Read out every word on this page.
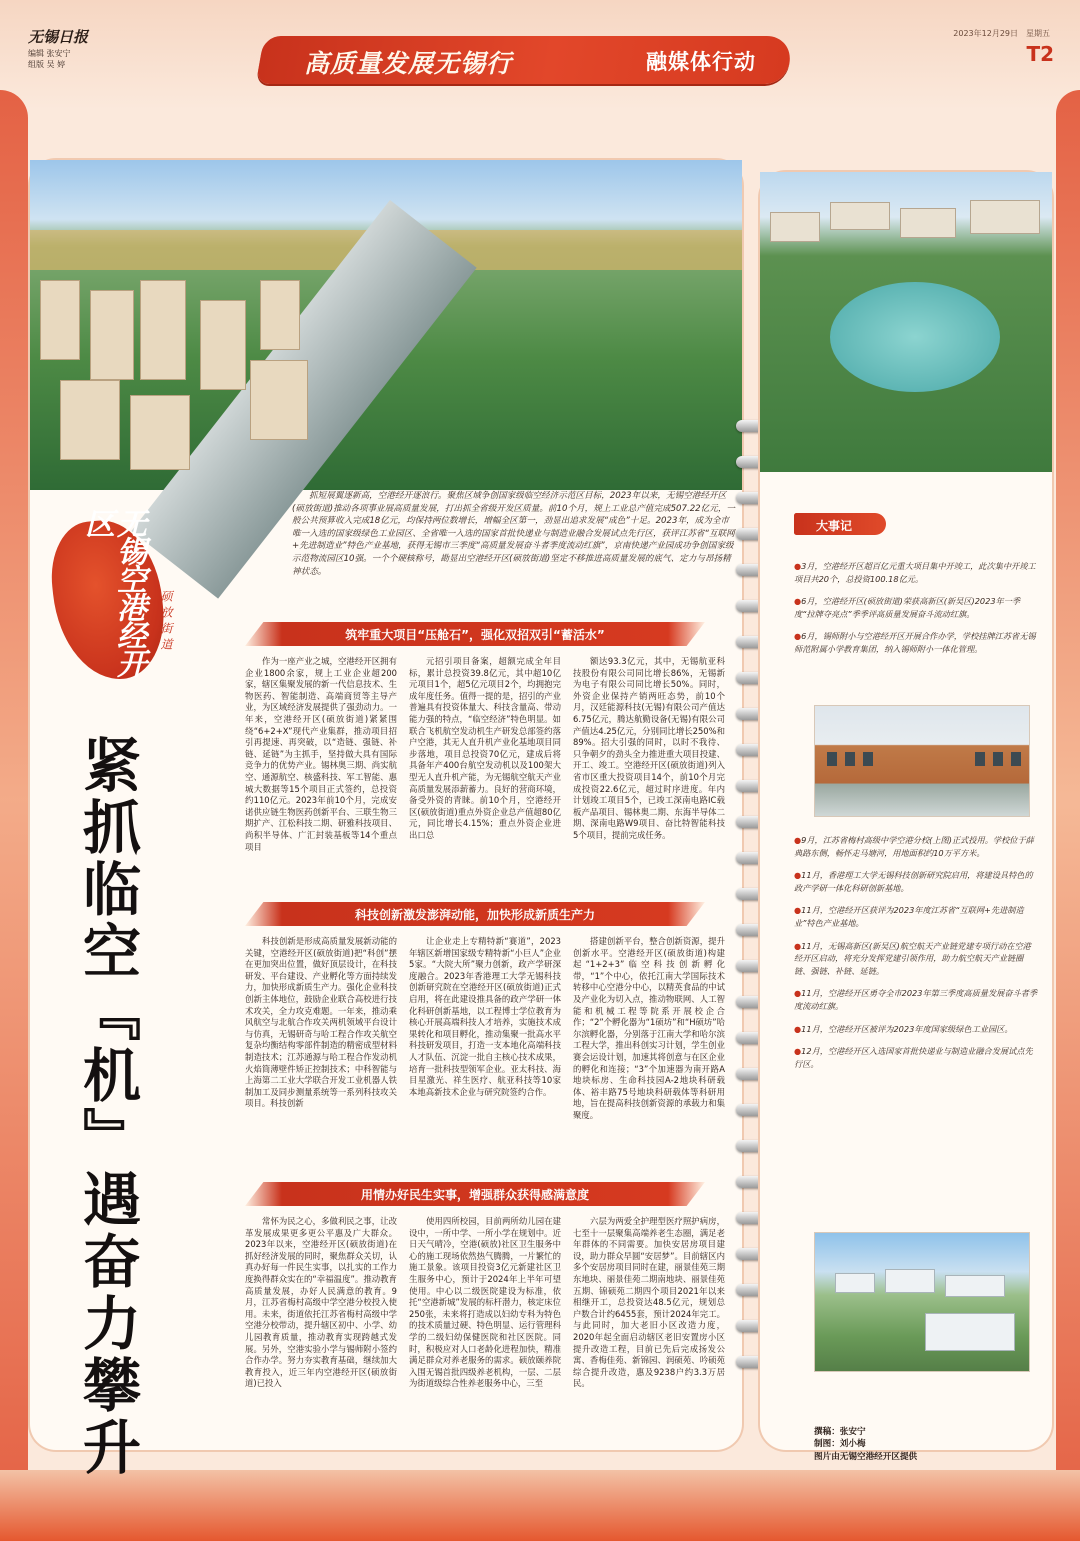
无锡日报
编辑 张安宁
组版 吴 婷	高质量发展无锡行	融媒体行动
2023年12月29日　星期五
T2
抓短展翼逐新高，空港经开逐浪行。聚焦区域争创国家级临空经济示范区目标，2023年以来，无锡空港经开区(硕放街道)推动各项事业展高质量发展，打出抓全省级开发区质量。前10个月，规上工业总产值完成507.22亿元，一般公共预算收入完成18亿元，均保持两位数增长，增幅全区第一，劲显出追求发展“成色”十足。2023年，成为全市唯一入选的国家级绿色工业园区、全省唯一入选的国家首批快递业与制造业融合发展试点先行区，获评江苏省“互联网+先进制造业”特色产业基地，获得无锡市三季度“高质量发展奋斗者季度流动红旗”，京南快递产业园成功争创国家级示范物流园区10强。一个个硬核称号，勘显出空港经开区(硕放街道)坚定不移推进高质量发展的底气、定力与昂扬精神状态。
筑牢重大项目“压舱石”，强化双招双引“蓄活水”

作为一座产业之城，空港经开区拥有企业1800余家，规上工业企业超200家，辖区集聚发展的新一代信息技术、生物医药、智能制造、高端商贸等主导产业，为区域经济发展提供了强劲动力。一年来，空港经开区(硕放街道)紧紧围绕“6+2+X”现代产业集群，推动项目招引再提速、再突破，以“造链、强链、补链、延链”为主抓手，坚持做大具有国际竞争力的优势产业。锡林奥三期、尚实航空、通源航空、核盛科技、军工智能、惠城大数据等15个项目正式签约，总投资约110亿元。2023年前10个月，完成安诺供应链生物医药创新平台、三联生物三期扩产、江松科技二期、研雅科技项目、尚积半导体、广汇封装基板等14个重点项目

元招引项目备案，超额完成全年目标，累计总投资39.8亿元，其中超10亿元项目1个，超5亿元项目2个，均拥抱完成年度任务。值得一提的是，招引的产业普遍具有投资体量大、科技含量高、带动能力强的特点，“临空经济”特色明显。如联合飞机航空发动机生产研发总部签约落户空港，其无人直升机产业化基地项目同步落地，项目总投资70亿元，建成后将具备年产400台航空发动机以及100架大型无人直升机产能，为无锡航空航天产业高质量发展添薪蓄力。良好的营商环境，备受外资的青睐。前10个月，空港经开区(硕放街道)重点外资企业总产值超80亿元，同比增长4.15%；重点外资企业进出口总

额达93.3亿元，其中，无锡航亚科技股份有限公司同比增长86%，无锡新为电子有限公司同比增长50%。同时，外资企业保持产销两旺态势，前10个月，汉廷能源科技(无锡)有限公司产值达6.75亿元，腾达航勤设备(无锡)有限公司产值达4.25亿元，分别同比增长250%和89%。招大引强的同时，以时不我待、只争朝夕的劲头全力推进重大项目投建、开工、竣工。空港经开区(硕放街道)列入省市区重大投资项目14个，前10个月完成投资22.6亿元，超过时序进度。年内计划竣工项目5个，已竣工深南电路IC载板产品项目、锡林奥二期、东海半导体二期、深南电路W9项目、奋比特智能科技5个项目，提前完成任务。

科技创新激发澎湃动能，加快形成新质生产力

科技创新是形成高质量发展新动能的关键，空港经开区(硕放街道)把“科创”摆在更加突出位置，做好顶层设计，在科技研发、平台建设、产业孵化等方面持续发力，加快形成新质生产力。强化企业科技创新主体地位，鼓励企业联合高校进行技术攻关，全力攻克难题。一年来，推动乘风航空与北航合作攻关两机领域平台设计与仿真，无锡研奇与哈工程合作攻关航空复杂均衡结构零部件制造的精密成型材料制造技术；江苏通源与哈工程合作发动机火焰筒薄壁件矫正控制技术；中科智能与上海第二工业大学联合开发工业机器人铁制加工及同步测量系统等一系列科技攻关项目。科技创新

让企业走上专精特新“赛道”，2023年辖区新增国家级专精特新“小巨人”企业5家。“大院大所”聚力创新，政产学研深度融合。2023年香港理工大学无锡科技创新研究院在空港经开区(硕放街道)正式启用，将在此建设推具备的政产学研一体化科研创新基地，以工程博士学位教育为核心开展高端科技人才培养，实施技术成果转化和项目孵化，推动集聚一批高水平科技研发项目，打造一支本地化高端科技人才队伍、沉淀一批自主核心技术成果，培育一批科技型领军企业。亚太科技、海目星激光、祥生医疗、航亚科技等10家本地高新技术企业与研究院签约合作。

搭建创新平台，整合创新资源，提升创新水平。空港经开区(硕放街道)构建起“1+2+3”临空科技创新孵化带，“1”个中心，依托江南大学国际技术转移中心空港分中心，以精英食品的中试及产业化为切入点，推动物联网、人工智能和机械工程等院系开展校企合作；“2”个孵化器为“1硕坊”和“H硕坊”哈尔滨孵化器，分别落于江南大学和哈尔滨工程大学，推出科创实习计划，学生创业赛会运设计划，加速其将创意与在区企业的孵化和连接；“3”个加速器为南开路A地块标房、生命科技园A-2地块科研载体、裕丰路75号地块科研载体等科研用地，旨在提高科技创新资源的承载力和集聚度。

用情办好民生实事，增强群众获得感满意度

常怀为民之心，多做利民之事，让改革发展成果更多更公平惠及广大群众。2023年以来，空港经开区(硕放街道)在抓好经济发展的同时，聚焦群众关切，认真办好每一件民生实事，以扎实的工作力度换得群众实在的“幸福温度”。推动教育高质量发展，办好人民满意的教育。9月，江苏省梅村高级中学空港分校投入使用。未来，街道依托江苏省梅村高级中学空港分校带动，提升辖区初中、小学、幼儿园教育质量，推动教育实现跨越式发展。另外，空港实验小学与锡师附小签约合作办学。努力夯实教育基础，继续加大教育投入，近三年内空港经开区(硕放街道)已投入

使用四所校园，目前两所幼儿园在建设中，一所中学、一所小学在规划中。近日天气晴冷，空港(硕放)社区卫生服务中心的施工现场依然热气腾腾，一片繁忙的施工景象。该项目投资3亿元新建社区卫生服务中心，预计于2024年上半年可望使用。中心以二级医院建设为标准，依托“空港新城”发展的标杆潜力，核定床位250张，未来将打造成以妇幼专科为特色的技术质量过硬、特色明显、运行管理科学的二级妇幼保健医院和社区医院。同时，积极应对人口老龄化进程加快，精准满足群众对养老服务的需求。硕放颐养院入围无锡首批四级养老机构，一层、二层为街道级综合性养老服务中心，三至

六层为两爱全护理型医疗照护病房，七至十一层聚集高端养老生态圈，满足老年群体的不同需要。加快安居房项目建设，助力群众早圆“安居梦”。目前辖区内多个安居房项目同时在建，丽景佳苑三期东地块、丽景佳苑二期南地块、丽景佳苑五期、锦硕苑二期四个项目2021年以来相继开工，总投资达48.5亿元，规划总户数合计约6455套，预计2024年完工。与此同时，加大老旧小区改造力度，2020年起全面启动辖区老旧安置房小区提升改造工程，目前已先后完成扬发公寓、香梅佳苑、新锦园、润硕苑、吟硕苑综合提升改造，惠及9238户约3.3万居民。

无锡空港经开区
硕放街道
紧抓临空『机』遇奋力攀升
大事记

●3月，空港经开区超百亿元重大项目集中开竣工，此次集中开竣工项目共20个，总投资100.18亿元。

●6月，空港经开区(硕放街道)荣获高新区(新吴区)2023年一季度“拉牌夺亮点”季季评高质量发展奋斗流动红旗。

●6月，锡师附小与空港经开区开展合作办学，学校挂牌江苏省无锡师范附属小学教育集团，纳入锡师附小一体化管理。

●9月，江苏省梅村高级中学空港分校(上图)正式投用。学校位于薛典路东侧，畅怀走马塘河，用地面积约10万平方米。

●11月，香港理工大学无锡科技创新研究院启用，将建设具特色的政产学研一体化科研创新基地。

●11月，空港经开区获评为2023年度江苏省“互联网+先进制造业”特色产业基地。

●11月，无锡高新区(新吴区)航空航天产业链党建专项行动在空港经开区启动，将充分发挥党建引领作用，助力航空航天产业链圈链、强链、补链、延链。

●11月，空港经开区勇夺全市2023年第三季度高质量发展奋斗者季度流动红旗。

●11月，空港经开区被评为2023年度国家级绿色工业园区。

●12月，空港经开区入选国家首批快递业与制造业融合发展试点先行区。

撰稿：张安宁
制图：刘小梅
图片由无锡空港经开区提供
